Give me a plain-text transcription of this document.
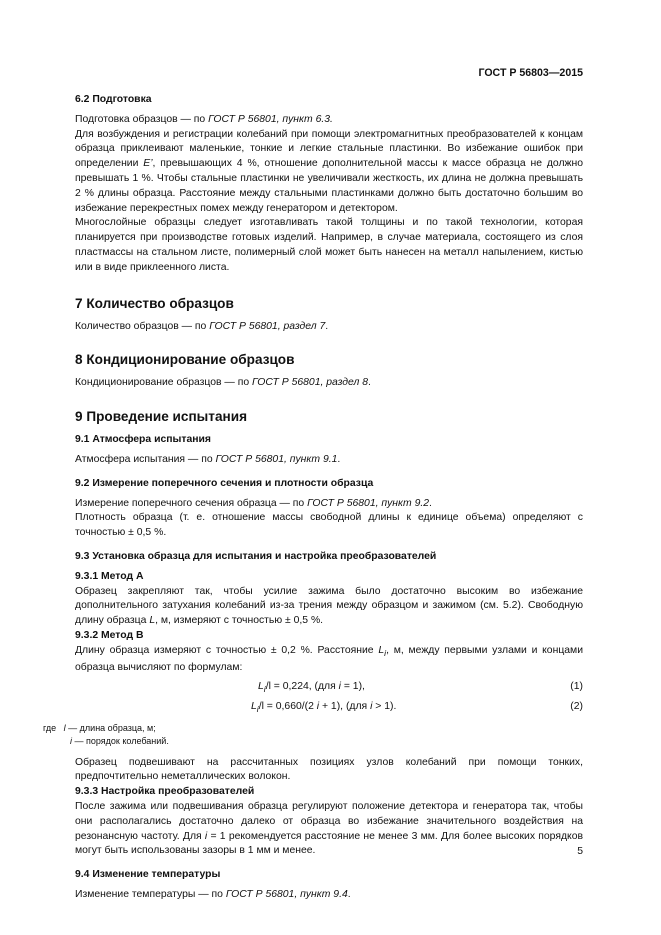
ГОСТ Р 56803—2015
6.2 Подготовка

Подготовка образцов — по ГОСТ Р 56801, пункт 6.3.

Для возбуждения и регистрации колебаний при помощи электромагнитных преобразователей к концам образца приклеивают маленькие, тонкие и легкие стальные пластинки. Во избежание ошибок при определении E’, превышающих 4 %, отношение дополнительной массы к массе образца не должно превышать 1 %. Чтобы стальные пластинки не увеличивали жесткость, их длина не должна превышать 2 % длины образца. Расстояние между стальными пластинками должно быть достаточно большим во избежание перекрестных помех между генератором и детектором.

Многослойные образцы следует изготавливать такой толщины и по такой технологии, которая планируется при производстве готовых изделий. Например, в случае материала, состоящего из слоя пластмассы на стальном листе, полимерный слой может быть нанесен на металл напылением, кистью или в виде приклеенного листа.

7 Количество образцов

Количество образцов — по ГОСТ Р 56801, раздел 7.

8 Кондиционирование образцов

Кондиционирование образцов — по ГОСТ Р 56801, раздел 8.

9 Проведение испытания
9.1 Атмосфера испытания

Атмосфера испытания — по ГОСТ Р 56801, пункт 9.1.

9.2 Измерение поперечного сечения и плотности образца

Измерение поперечного сечения образца — по ГОСТ Р 56801, пункт 9.2.

Плотность образца (т. е. отношение массы свободной длины к единице объема) определяют с точностью ± 0,5 %.

9.3 Установка образца для испытания и настройка преобразователей
9.3.1 Метод А

Образец закрепляют так, чтобы усилие зажима было достаточно высоким во избежание дополнительного затухания колебаний из-за трения между образцом и зажимом (см. 5.2). Свободную длину образца L, м, измеряют с точностью ± 0,5 %.

9.3.2 Метод В

Длину образца измеряют с точностью ± 0,2 %. Расстояние $L_i$, м, между первыми узлами и концами образца вычисляют по формулам:

$L_i/l = 0,224$, (для i = 1),	(1)
$L_i/l = 0,660/(2$ i + 1), (для i > 1).	(2)
где l — длина образца, м;
i — порядок колебаний.

Образец подвешивают на рассчитанных позициях узлов колебаний при помощи тонких, предпочтительно неметаллических волокон.

9.3.3 Настройка преобразователей

После зажима или подвешивания образца регулируют положение детектора и генератора так, чтобы они располагались достаточно далеко от образца во избежание значительного воздействия на резонансную частоту. Для i = 1 рекомендуется расстояние не менее 3 мм. Для более высоких порядков могут быть использованы зазоры в 1 мм и менее.

9.4 Изменение температуры

Изменение температуры — по ГОСТ Р 56801, пункт 9.4.

5
